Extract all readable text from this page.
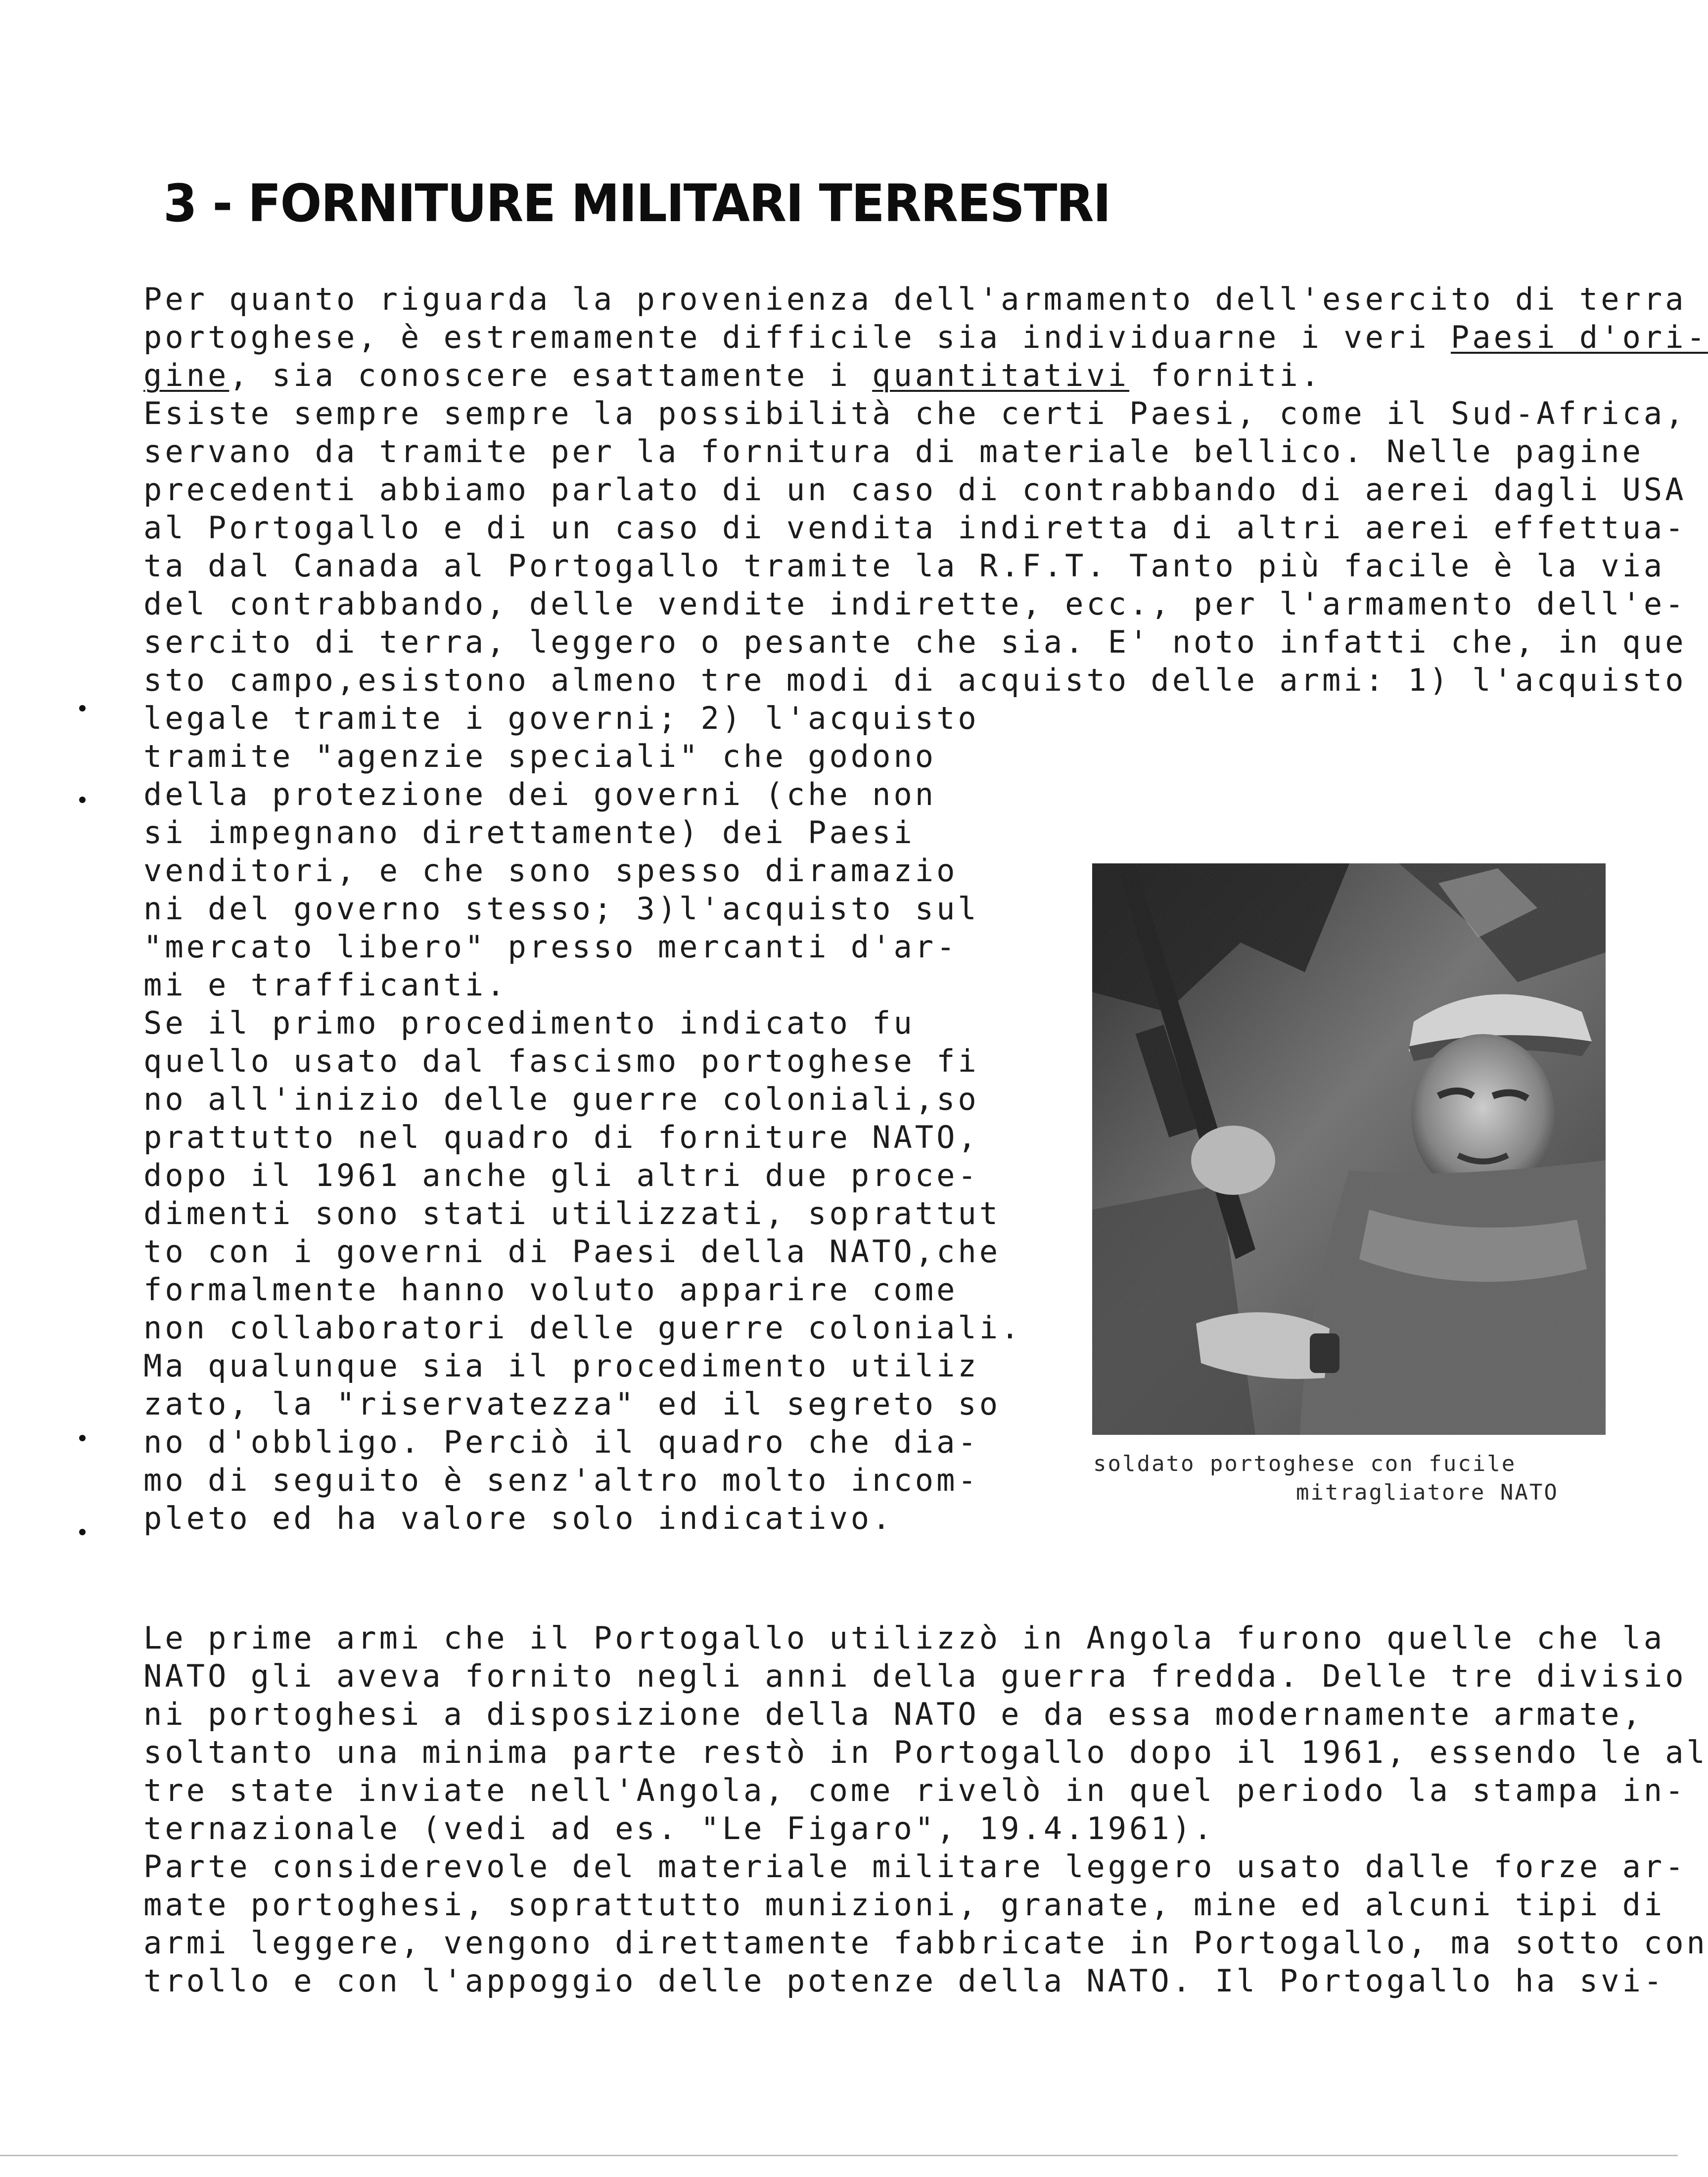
3 - FORNITURE MILITARI TERRESTRI
Per quanto riguarda la provenienza dell'armamento dell'esercito di terra
portoghese, è estremamente difficile sia individuarne i veri Paesi d'ori-
gine, sia conoscere esattamente i quantitativi forniti.
Esiste sempre sempre la possibilità che certi Paesi, come il Sud-Africa,
servano da tramite per la fornitura di materiale bellico. Nelle pagine
precedenti abbiamo parlato di un caso di contrabbando di aerei dagli USA
al Portogallo e di un caso di vendita indiretta di altri aerei effettua-
ta dal Canada al Portogallo tramite la R.F.T. Tanto più facile è la via
del contrabbando, delle vendite indirette, ecc., per l'armamento dell'e-
sercito di terra, leggero o pesante che sia. E' noto infatti che, in que
sto campo,esistono almeno tre modi di acquisto delle armi: 1) l'acquisto
legale tramite i governi; 2) l'acquisto
tramite "agenzie speciali" che godono
della protezione dei governi (che non
si impegnano direttamente) dei Paesi
venditori, e che sono spesso diramazio
ni del governo stesso; 3)l'acquisto sul
"mercato libero" presso mercanti d'ar-
mi e trafficanti.
Se il primo procedimento indicato fu
quello usato dal fascismo portoghese fi
no all'inizio delle guerre coloniali,so
prattutto nel quadro di forniture NATO,
dopo il 1961 anche gli altri due proce-
dimenti sono stati utilizzati, soprattut
to con i governi di Paesi della NATO,che
formalmente hanno voluto apparire come
non collaboratori delle guerre coloniali.
Ma qualunque sia il procedimento utiliz
zato, la "riservatezza" ed il segreto so
no d'obbligo. Perciò il quadro che dia-
mo di seguito è senz'altro molto incom-
pleto ed ha valore solo indicativo.
soldato portoghese con fucile
mitragliatore NATO
Le prime armi che il Portogallo utilizzò in Angola furono quelle che la
NATO gli aveva fornito negli anni della guerra fredda. Delle tre divisio
ni portoghesi a disposizione della NATO e da essa modernamente armate,
soltanto una minima parte restò in Portogallo dopo il 1961, essendo le al
tre state inviate nell'Angola, come rivelò in quel periodo la stampa in-
ternazionale (vedi ad es. "Le Figaro", 19.4.1961).
Parte considerevole del materiale militare leggero usato dalle forze ar-
mate portoghesi, soprattutto munizioni, granate, mine ed alcuni tipi di
armi leggere, vengono direttamente fabbricate in Portogallo, ma sotto con
trollo e con l'appoggio delle potenze della NATO. Il Portogallo ha svi-
